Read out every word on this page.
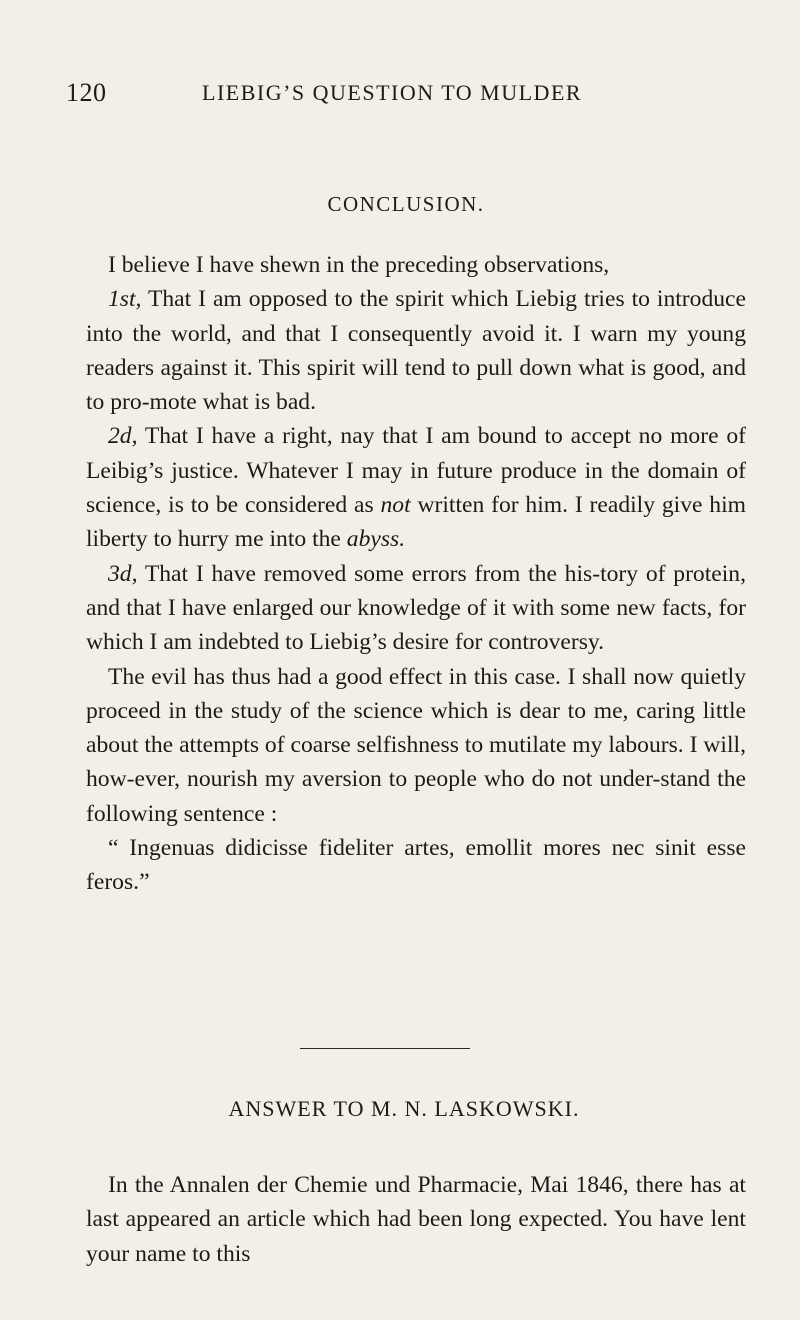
120	LIEBIG’S QUESTION TO MULDER
CONCLUSION.

I believe I have shewn in the preceding observations,

1st, That I am opposed to the spirit which Liebig tries to introduce into the world, and that I consequently avoid it. I warn my young readers against it. This spirit will tend to pull down what is good, and to pro-mote what is bad.

2d, That I have a right, nay that I am bound to accept no more of Leibig’s justice. Whatever I may in future produce in the domain of science, is to be considered as not written for him. I readily give him liberty to hurry me into the abyss.

3d, That I have removed some errors from the his-tory of protein, and that I have enlarged our knowledge of it with some new facts, for which I am indebted to Liebig’s desire for controversy.

The evil has thus had a good effect in this case. I shall now quietly proceed in the study of the science which is dear to me, caring little about the attempts of coarse selfishness to mutilate my labours. I will, how-ever, nourish my aversion to people who do not under-stand the following sentence :

“ Ingenuas didicisse fideliter artes, emollit mores nec sinit esse feros.”

ANSWER TO M. N. LASKOWSKI.

In the Annalen der Chemie und Pharmacie, Mai 1846, there has at last appeared an article which had been long expected. You have lent your name to this
